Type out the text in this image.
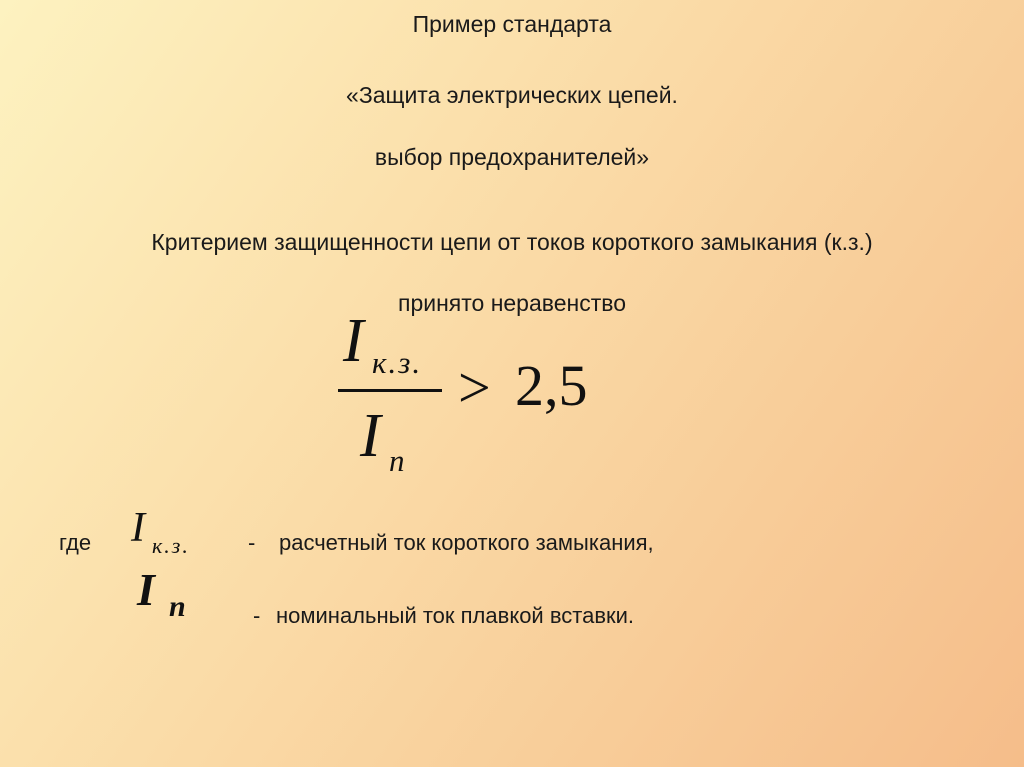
Пример стандарта
«Защита электрических цепей.
выбор предохранителей»
Критерием защищенности цепи от токов короткого замыкания (к.з.)
принято неравенство
I к.з.
I n
> 2,5
где I к.з.	- расчетный ток короткого замыкания,
I n	- номинальный ток плавкой вставки.
